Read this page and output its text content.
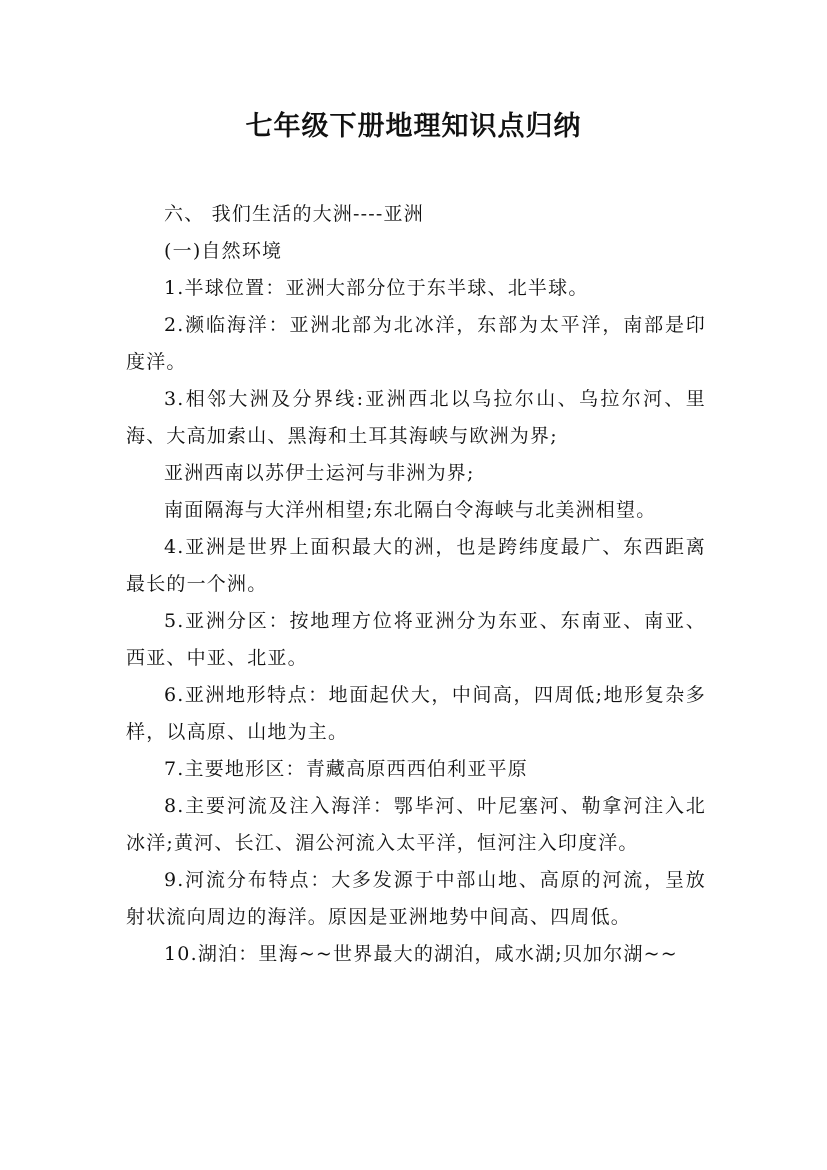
七年级下册地理知识点归纳

六、 我们生活的大洲----亚洲

(一)自然环境

1.半球位置：亚洲大部分位于东半球、北半球。

2.濒临海洋：亚洲北部为北冰洋，东部为太平洋，南部是印度洋。

3.相邻大洲及分界线:亚洲西北以乌拉尔山、乌拉尔河、里海、大高加索山、黑海和土耳其海峡与欧洲为界;

亚洲西南以苏伊士运河与非洲为界;

南面隔海与大洋州相望;东北隔白令海峡与北美洲相望。

4.亚洲是世界上面积最大的洲，也是跨纬度最广、东西距离最长的一个洲。

5.亚洲分区：按地理方位将亚洲分为东亚、东南亚、南亚、西亚、中亚、北亚。

6.亚洲地形特点：地面起伏大，中间高，四周低;地形复杂多样，以高原、山地为主。

7.主要地形区：青藏高原西西伯利亚平原

8.主要河流及注入海洋：鄂毕河、叶尼塞河、勒拿河注入北冰洋;黄河、长江、湄公河流入太平洋，恒河注入印度洋。

9.河流分布特点：大多发源于中部山地、高原的河流，呈放射状流向周边的海洋。原因是亚洲地势中间高、四周低。

10.湖泊：里海~~世界最大的湖泊，咸水湖;贝加尔湖~~
